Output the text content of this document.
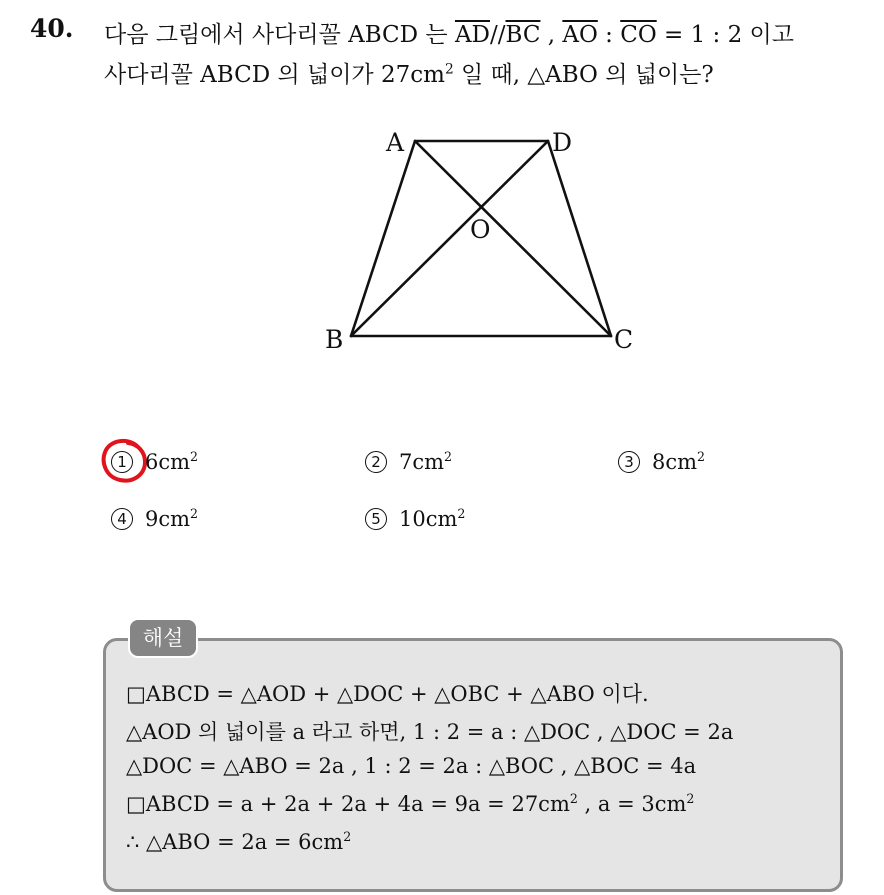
40. 다음 그림에서 사다리꼴 ABCD 는 $\overline{AD}//\overline{BC}$ , $\overline{AO}$ : $\overline{CO} = 1$ : 2 이고
사다리꼴 ABCD 의 넓이가 $27cm^2$ 일 때, △ABO 의 넓이는?
A	D
O
B	C
1 $6cm^2$	2 $7cm^2$	3 $8cm^2$
4 $9cm^2$	5 $10cm^2$
해설
□ABCD = △AOD + △DOC + △OBC + △ABO 이다.
△AOD 의 넓이를 a 라고 하면, 1 : 2 = a : △DOC , △DOC = 2a
△DOC = △ABO = 2a , 1 : 2 = 2a : △BOC , △BOC = 4a
□ABCD = $a + 2a + 2a + 4a = 9a = 27cm^2$ , $a = 3cm^2$
∴ △ABO = $2a = 6cm^2$
